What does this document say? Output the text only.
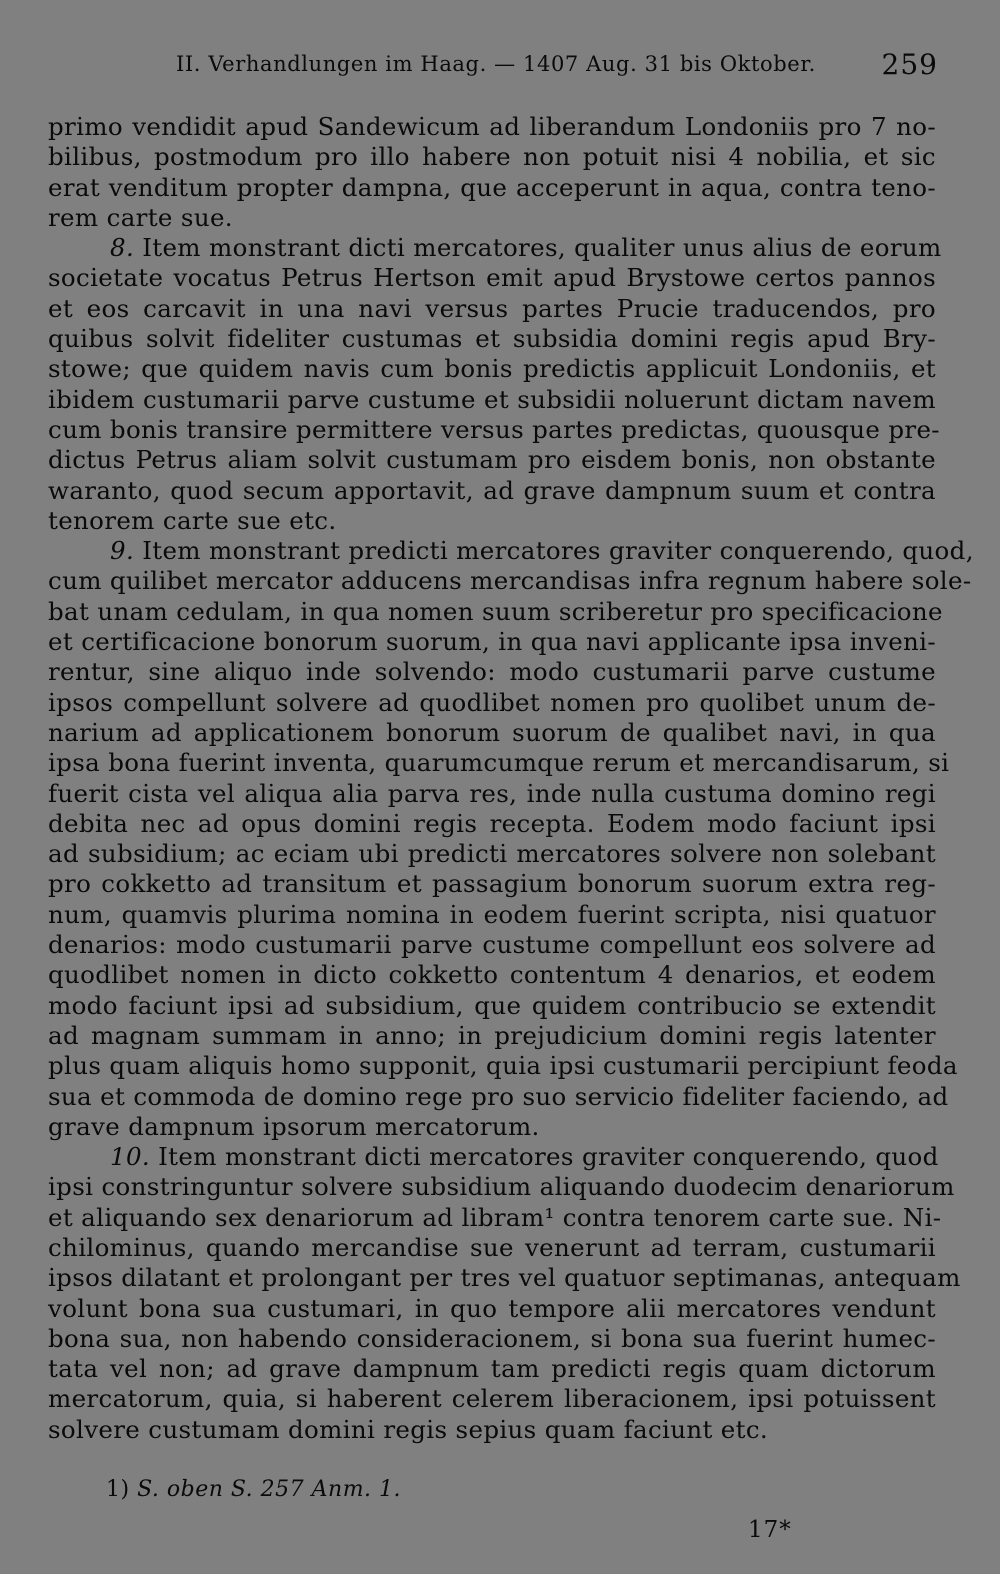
II. Verhandlungen im Haag. — 1407 Aug. 31 bis Oktober. 259

primo vendidit apud Sandewicum ad liberandum Londoniis pro 7 no-
bilibus, postmodum pro illo habere non potuit nisi 4 nobilia, et sic
erat venditum propter dampna, que acceperunt in aqua, contra teno-
rem carte sue.

8. Item monstrant dicti mercatores, qualiter unus alius de eorum
societate vocatus Petrus Hertson emit apud Brystowe certos pannos
et eos carcavit in una navi versus partes Prucie traducendos, pro
quibus solvit fideliter custumas et subsidia domini regis apud Bry-
stowe; que quidem navis cum bonis predictis applicuit Londoniis, et
ibidem custumarii parve custume et subsidii noluerunt dictam navem
cum bonis transire permittere versus partes predictas, quousque pre-
dictus Petrus aliam solvit custumam pro eisdem bonis, non obstante
waranto, quod secum apportavit, ad grave dampnum suum et contra
tenorem carte sue etc.

9. Item monstrant predicti mercatores graviter conquerendo, quod,
cum quilibet mercator adducens mercandisas infra regnum habere sole-
bat unam cedulam, in qua nomen suum scriberetur pro specificacione
et certificacione bonorum suorum, in qua navi applicante ipsa inveni-
rentur, sine aliquo inde solvendo: modo custumarii parve custume
ipsos compellunt solvere ad quodlibet nomen pro quolibet unum de-
narium ad applicationem bonorum suorum de qualibet navi, in qua
ipsa bona fuerint inventa, quarumcumque rerum et mercandisarum, si
fuerit cista vel aliqua alia parva res, inde nulla custuma domino regi
debita nec ad opus domini regis recepta. Eodem modo faciunt ipsi
ad subsidium; ac eciam ubi predicti mercatores solvere non solebant
pro cokketto ad transitum et passagium bonorum suorum extra reg-
num, quamvis plurima nomina in eodem fuerint scripta, nisi quatuor
denarios: modo custumarii parve custume compellunt eos solvere ad
quodlibet nomen in dicto cokketto contentum 4 denarios, et eodem
modo faciunt ipsi ad subsidium, que quidem contribucio se extendit
ad magnam summam in anno; in prejudicium domini regis latenter
plus quam aliquis homo supponit, quia ipsi custumarii percipiunt feoda
sua et commoda de domino rege pro suo servicio fideliter faciendo, ad
grave dampnum ipsorum mercatorum.

10. Item monstrant dicti mercatores graviter conquerendo, quod
ipsi constringuntur solvere subsidium aliquando duodecim denariorum
et aliquando sex denariorum ad libram¹ contra tenorem carte sue. Ni-
chilominus, quando mercandise sue venerunt ad terram, custumarii
ipsos dilatant et prolongant per tres vel quatuor septimanas, antequam
volunt bona sua custumari, in quo tempore alii mercatores vendunt
bona sua, non habendo consideracionem, si bona sua fuerint humec-
tata vel non; ad grave dampnum tam predicti regis quam dictorum
mercatorum, quia, si haberent celerem liberacionem, ipsi potuissent
solvere custumam domini regis sepius quam faciunt etc.

1) S. oben S. 257 Anm. 1.
17*
